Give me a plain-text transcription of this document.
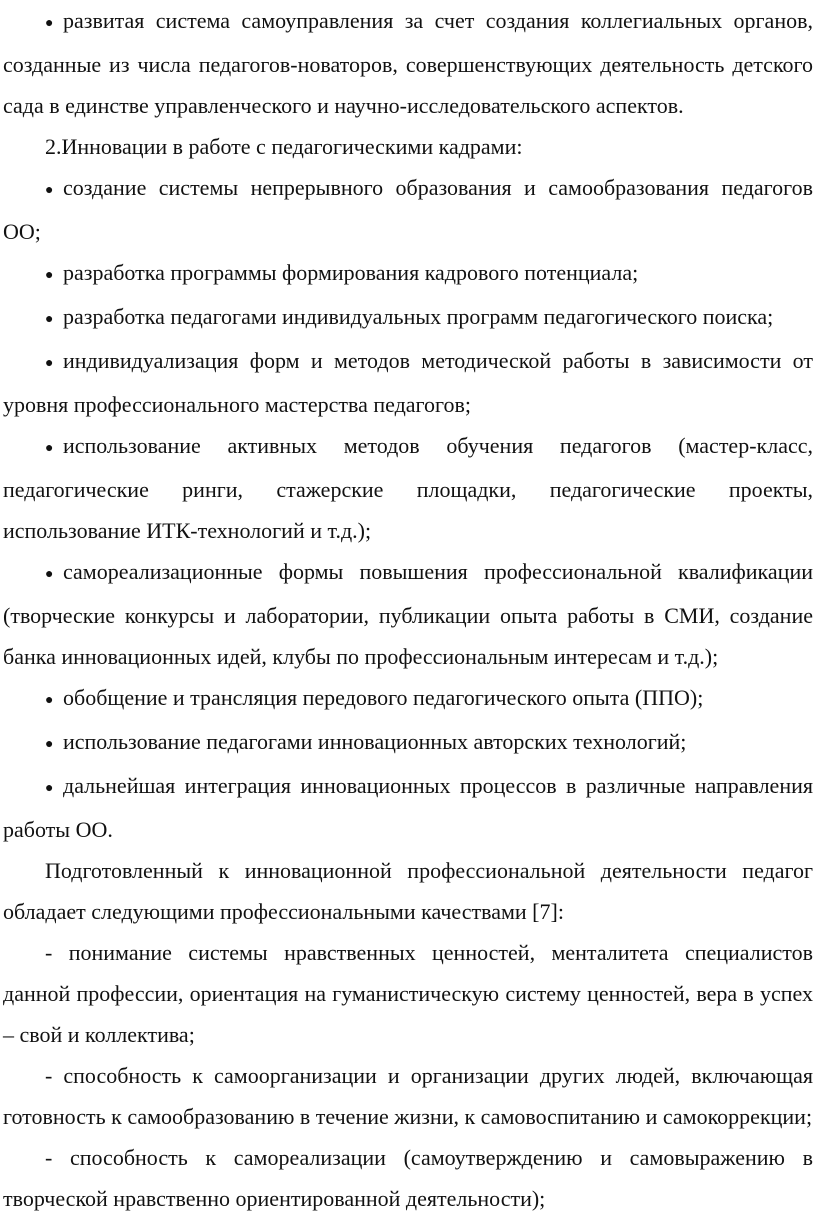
● развитая система самоуправления за счет создания коллегиальных органов, созданные из числа педагогов-новаторов, совершенствующих деятельность детского сада в единстве управленческого и научно-исследовательского аспектов.

2.Инновации в работе с педагогическими кадрами:

● создание системы непрерывного образования и самообразования педагогов ОО;

● разработка программы формирования кадрового потенциала;

● разработка педагогами индивидуальных программ педагогического поиска;

● индивидуализация форм и методов методической работы в зависимости от уровня профессионального мастерства педагогов;

● использование активных методов обучения педагогов (мастер-класс, педагогические ринги, стажерские площадки, педагогические проекты, использование ИТК-технологий и т.д.);

● самореализационные формы повышения профессиональной квалификации (творческие конкурсы и лаборатории, публикации опыта работы в СМИ, создание банка инновационных идей, клубы по профессиональным интересам и т.д.);

● обобщение и трансляция передового педагогического опыта (ППО);

● использование педагогами инновационных авторских технологий;

● дальнейшая интеграция инновационных процессов в различные направления работы ОО.

Подготовленный к инновационной профессиональной деятельности педагог обладает следующими профессиональными качествами [7]:

- понимание системы нравственных ценностей, менталитета специалистов данной профессии, ориентация на гуманистическую систему ценностей, вера в успех – свой и коллектива;

- способность к самоорганизации и организации других людей, включающая готовность к самообразованию в течение жизни, к самовоспитанию и самокоррекции;

- способность к самореализации (самоутверждению и самовыражению в творческой нравственно ориентированной деятельности);
